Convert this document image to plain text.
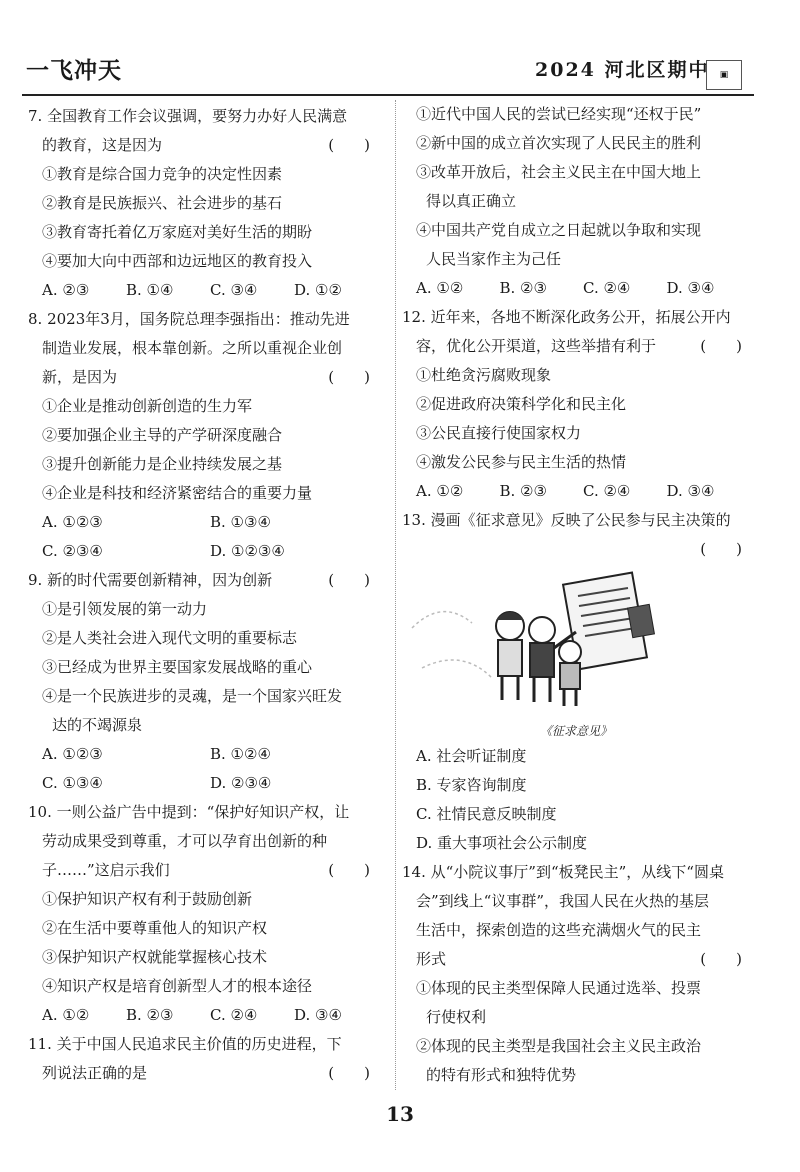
一飞冲天	2024 河北区期中	▣
7. 全国教育工作会议强调，要努力办好人民满意
的教育，这是因为	(　　)
①教育是综合国力竞争的决定性因素
②教育是民族振兴、社会进步的基石
③教育寄托着亿万家庭对美好生活的期盼
④要加大向中西部和边远地区的教育投入
A. ②③	B. ①④	C. ③④	D. ①②
8. 2023年3月，国务院总理李强指出：推动先进
制造业发展，根本靠创新。之所以重视企业创
新，是因为	(　　)
①企业是推动创新创造的生力军
②要加强企业主导的产学研深度融合
③提升创新能力是企业持续发展之基
④企业是科技和经济紧密结合的重要力量
A. ①②③	B. ①③④
C. ②③④	D. ①②③④
9. 新的时代需要创新精神，因为创新	(　　)
①是引领发展的第一动力
②是人类社会进入现代文明的重要标志
③已经成为世界主要国家发展战略的重心
④是一个民族进步的灵魂，是一个国家兴旺发
达的不竭源泉
A. ①②③	B. ①②④
C. ①③④	D. ②③④
10. 一则公益广告中提到：“保护好知识产权，让
劳动成果受到尊重，才可以孕育出创新的种
子……”这启示我们	(　　)
①保护知识产权有利于鼓励创新
②在生活中要尊重他人的知识产权
③保护知识产权就能掌握核心技术
④知识产权是培育创新型人才的根本途径
A. ①②	B. ②③	C. ②④	D. ③④
11. 关于中国人民追求民主价值的历史进程，下
列说法正确的是	(　　)
①近代中国人民的尝试已经实现“还权于民”
②新中国的成立首次实现了人民民主的胜利
③改革开放后，社会主义民主在中国大地上
得以真正确立
④中国共产党自成立之日起就以争取和实现
人民当家作主为己任
A. ①②	B. ②③	C. ②④	D. ③④
12. 近年来，各地不断深化政务公开，拓展公开内
容，优化公开渠道，这些举措有利于	(　　)
①杜绝贪污腐败现象
②促进政府决策科学化和民主化
③公民直接行使国家权力
④激发公民参与民主生活的热情
A. ①②	B. ②③	C. ②④	D. ③④
13. 漫画《征求意见》反映了公民参与民主决策的
(　　)
《征求意见》
A. 社会听证制度
B. 专家咨询制度
C. 社情民意反映制度
D. 重大事项社会公示制度
14. 从“小院议事厅”到“板凳民主”，从线下“圆桌
会”到线上“议事群”，我国人民在火热的基层
生活中，探索创造的这些充满烟火气的民主
形式	(　　)
①体现的民主类型保障人民通过选举、投票
行使权利
②体现的民主类型是我国社会主义民主政治
的特有形式和独特优势
13
